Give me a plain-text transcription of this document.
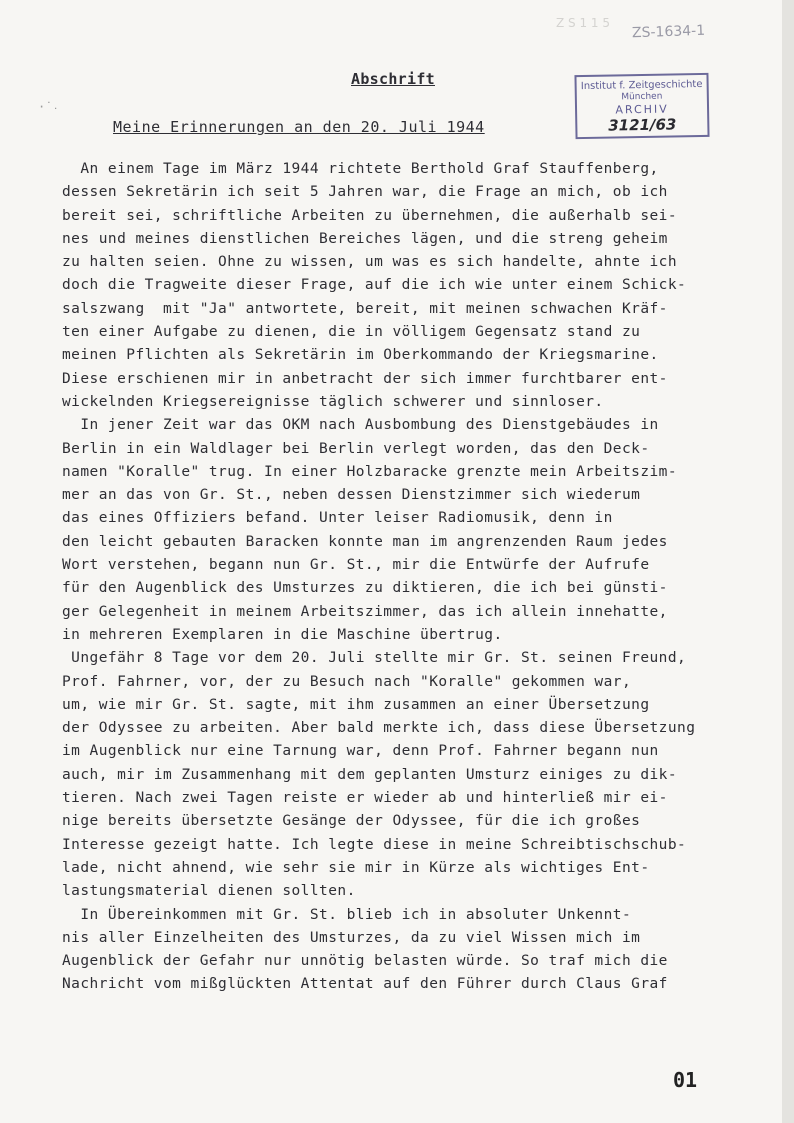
Z S 1 1 5 ZS-1634-1
Institut f. Zeitgeschichte
München
ARCHIV
3121/63
·˙ ˙
Abschrift
Meine Erinnerungen an den 20. Juli 1944
An einem Tage im März 1944 richtete Berthold Graf Stauffenberg,
dessen Sekretärin ich seit 5 Jahren war, die Frage an mich, ob ich
bereit sei, schriftliche Arbeiten zu übernehmen, die außerhalb sei-
nes und meines dienstlichen Bereiches lägen, und die streng geheim
zu halten seien. Ohne zu wissen, um was es sich handelte, ahnte ich
doch die Tragweite dieser Frage, auf die ich wie unter einem Schick-
salszwang  mit "Ja" antwortete, bereit, mit meinen schwachen Kräf-
ten einer Aufgabe zu dienen, die in völligem Gegensatz stand zu
meinen Pflichten als Sekretärin im Oberkommando der Kriegsmarine.
Diese erschienen mir in anbetracht der sich immer furchtbarer ent-
wickelnden Kriegsereignisse täglich schwerer und sinnloser.
In jener Zeit war das OKM nach Ausbombung des Dienstgebäudes in
Berlin in ein Waldlager bei Berlin verlegt worden, das den Deck-
namen "Koralle" trug. In einer Holzbaracke grenzte mein Arbeitszim-
mer an das von Gr. St., neben dessen Dienstzimmer sich wiederum
das eines Offiziers befand. Unter leiser Radiomusik, denn in
den leicht gebauten Baracken konnte man im angrenzenden Raum jedes
Wort verstehen, begann nun Gr. St., mir die Entwürfe der Aufrufe
für den Augenblick des Umsturzes zu diktieren, die ich bei günsti-
ger Gelegenheit in meinem Arbeitszimmer, das ich allein innehatte,
in mehreren Exemplaren in die Maschine übertrug.
Ungefähr 8 Tage vor dem 20. Juli stellte mir Gr. St. seinen Freund,
Prof. Fahrner, vor, der zu Besuch nach "Koralle" gekommen war,
um, wie mir Gr. St. sagte, mit ihm zusammen an einer Übersetzung
der Odyssee zu arbeiten. Aber bald merkte ich, dass diese Übersetzung
im Augenblick nur eine Tarnung war, denn Prof. Fahrner begann nun
auch, mir im Zusammenhang mit dem geplanten Umsturz einiges zu dik-
tieren. Nach zwei Tagen reiste er wieder ab und hinterließ mir ei-
nige bereits übersetzte Gesänge der Odyssee, für die ich großes
Interesse gezeigt hatte. Ich legte diese in meine Schreibtischschub-
lade, nicht ahnend, wie sehr sie mir in Kürze als wichtiges Ent-
lastungsmaterial dienen sollten.
In Übereinkommen mit Gr. St. blieb ich in absoluter Unkennt-
nis aller Einzelheiten des Umsturzes, da zu viel Wissen mich im
Augenblick der Gefahr nur unnötig belasten würde. So traf mich die
Nachricht vom mißglückten Attentat auf den Führer durch Claus Graf
01
